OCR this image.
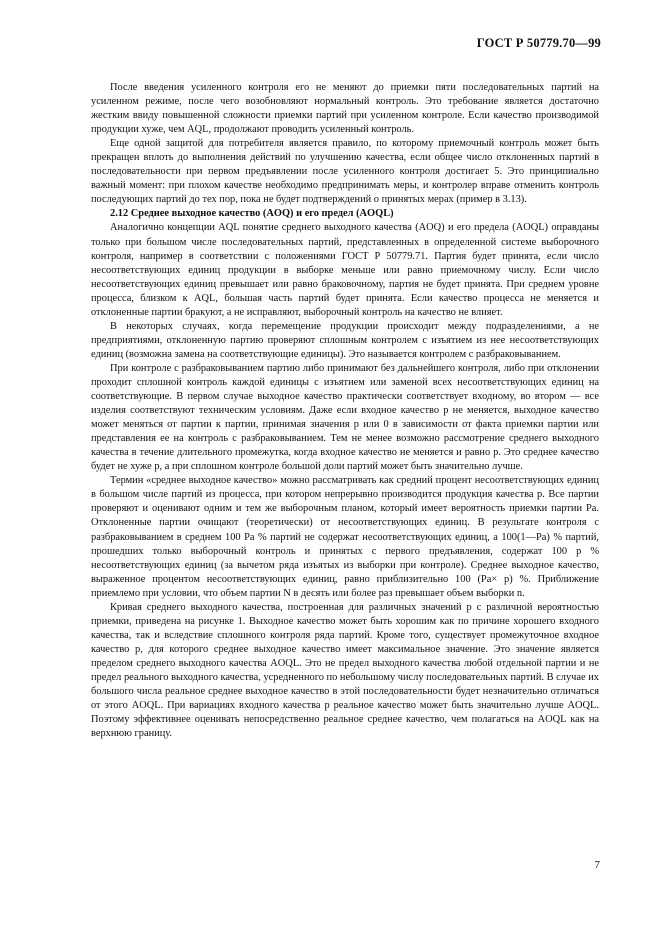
ГОСТ Р 50779.70—99

После введения усиленного контроля его не меняют до приемки пяти последовательных партий на усиленном режиме, после чего возобновляют нормальный контроль. Это требование является достаточно жестким ввиду повышенной сложности приемки партий при усиленном контроле. Если качество производимой продукции хуже, чем AQL, продолжают проводить усиленный контроль.

Еще одной защитой для потребителя является правило, по которому приемочный контроль может быть прекращен вплоть до выполнения действий по улучшению качества, если общее число отклоненных партий в последовательности при первом предъявлении после усиленного контроля достигает 5. Это принципиально важный момент: при плохом качестве необходимо предпринимать меры, и контролер вправе отменить контроль последующих партий до тех пор, пока не будет подтверждений о принятых мерах (пример в 3.13).

2.12 Среднее выходное качество (AOQ) и его предел (AOQL)

Аналогично концепции AQL понятие среднего выходного качества (AOQ) и его предела (AOQL) оправданы только при большом числе последовательных партий, представленных в определенной системе выборочного контроля, например в соответствии с положениями ГОСТ Р 50779.71. Партия будет принята, если число несоответствующих единиц продукции в выборке меньше или равно приемочному числу. Если число несоответствующих единиц превышает или равно браковочному, партия не будет принята. При среднем уровне процесса, близком к AQL, большая часть партий будет принята. Если качество процесса не меняется и отклоненные партии бракуют, а не исправляют, выборочный контроль на качество не влияет.

В некоторых случаях, когда перемещение продукции происходит между подразделениями, а не предприятиями, отклоненную партию проверяют сплошным контролем с изъятием из нее несоответствующих единиц (возможна замена на соответствующие единицы). Это называется контролем с разбраковыванием.

При контроле с разбраковыванием партию либо принимают без дальнейшего контроля, либо при отклонении проходит сплошной контроль каждой единицы с изъятием или заменой всех несоответствующих единиц на соответствующие. В первом случае выходное качество практически соответствует входному, во втором — все изделия соответствуют техническим условиям. Даже если входное качество p не меняется, выходное качество может меняться от партии к партии, принимая значения p или 0 в зависимости от факта приемки партии или представления ее на контроль с разбраковыванием. Тем не менее возможно рассмотрение среднего выходного качества в течение длительного промежутка, когда входное качество не меняется и равно p. Это среднее качество будет не хуже p, а при сплошном контроле большой доли партий может быть значительно лучше.

Термин «среднее выходное качество» можно рассматривать как средний процент несоответствующих единиц в большом числе партий из процесса, при котором непрерывно производится продукция качества p. Все партии проверяют и оценивают одним и тем же выборочным планом, который имеет вероятность приемки партии Pa. Отклоненные партии очищают (теоретически) от несоответствующих единиц. В результате контроля с разбраковыванием в среднем 100 Pa % партий не содержат несоответствующих единиц, а 100(1—Pa) % партий, прошедших только выборочный контроль и принятых с первого предъявления, содержат 100 p % несоответствующих единиц (за вычетом ряда изъятых из выборки при контроле). Среднее выходное качество, выраженное процентом несоответствующих единиц, равно приблизительно 100 (Pa× p) %. Приближение приемлемо при условии, что объем партии N в десять или более раз превышает объем выборки n.

Кривая среднего выходного качества, построенная для различных значений p с различной вероятностью приемки, приведена на рисунке 1. Выходное качество может быть хорошим как по причине хорошего входного качества, так и вследствие сплошного контроля ряда партий. Кроме того, существует промежуточное входное качество p, для которого среднее выходное качество имеет максимальное значение. Это значение является пределом среднего выходного качества AOQL. Это не предел выходного качества любой отдельной партии и не предел реального выходного качества, усредненного по небольшому числу последовательных партий. В случае их большого числа реальное среднее выходное качество в этой последовательности будет незначительно отличаться от этого AOQL. При вариациях входного качества p реальное качество может быть значительно лучше AOQL. Поэтому эффективнее оценивать непосредственно реальное среднее качество, чем полагаться на AOQL как на верхнюю границу.

7
